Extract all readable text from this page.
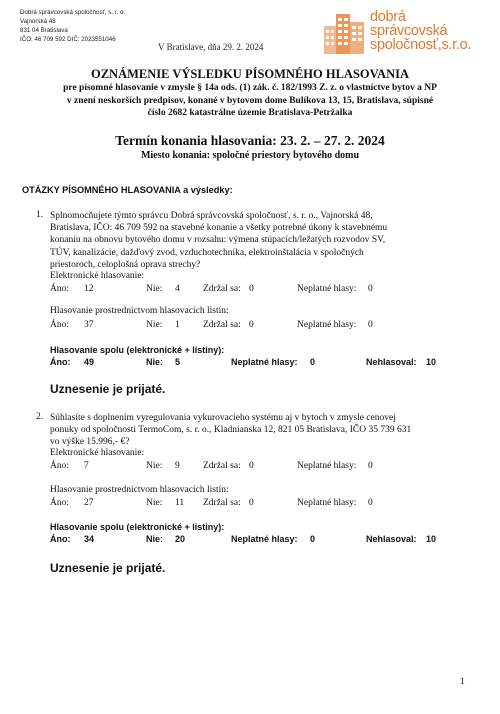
Dobrá správcovská spoločnosť, s. r. o.
Vajnorská 48
831 04 Bratislava
IČO: 46 709 592 DIČ: 2023551046
V Bratislave, dňa 29. 2. 2024
dobrá
správcovská
spoločnosť,s.r.o.
OZNÁMENIE VÝSLEDKU PÍSOMNÉHO HLASOVANIA
pre písomné hlasovanie v zmysle § 14a ods. (1) zák. č. 182/1993 Z. z. o vlastníctve bytov a NP
v znení neskorších predpisov, konané v bytovom dome Bulíkova 13, 15, Bratislava, súpisné
číslo 2682 katastrálne územie Bratislava-Petržalka
Termín konania hlasovania: 23. 2. – 27. 2. 2024
Miesto konania: spoločné priestory bytového domu
OTÁZKY PÍSOMNÉHO HLASOVANIA a výsledky:
1. Splnomocňujete týmto správcu Dobrá správcovská spoločnosť, s. r. o., Vajnorská 48,
Bratislava, IČO: 46 709 592 na stavebné konanie a všetky potrebné úkony k stavebnému
konaniu na obnovu bytového domu v rozsahu: výmena stúpacích/ležatých rozvodov SV,
TÚV, kanalizácie, dažďový zvod, vzduchotechnika, elektroinštalácia v spoločných
priestoroch, celoplošná oprava strechy?
Elektronické hlasovanie:
Áno: 12	Nie: 4 Zdržal sa: 0	Neplatné hlasy: 0
Hlasovanie prostredníctvom hlasovacích listín:
Áno: 37	Nie: 1 Zdržal sa: 0	Neplatné hlasy: 0
Hlasovanie spolu (elektronické + listiny):
Áno: 49	Nie: 5	Neplatné hlasy: 0	Nehlasoval: 10
Uznesenie je prijaté.
2. Súhlasíte s doplnením vyregulovania vykurovacieho systému aj v bytoch v zmysle cenovej
ponuky od spoločnosti TermoCom, s. r. o., Kladnianska 12, 821 05 Bratislava, IČO 35 739 631
vo výške 15.996,- €?
Elektronické hlasovanie:
Áno: 7	Nie: 9 Zdržal sa: 0	Neplatné hlasy: 0
Hlasovanie prostredníctvom hlasovacích listín:
Áno: 27	Nie: 11 Zdržal sa: 0	Neplatné hlasy: 0
Hlasovanie spolu (elektronické + listiny):
Áno: 34	Nie: 20	Neplatné hlasy: 0	Nehlasoval: 10
Uznesenie je prijaté.
1
